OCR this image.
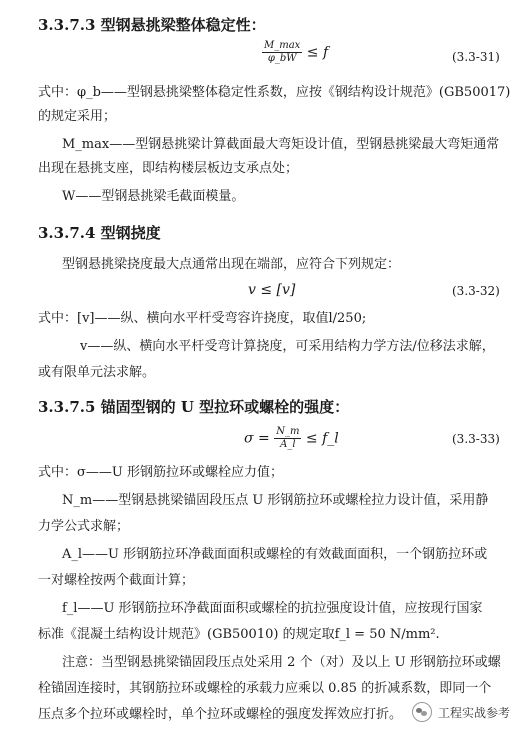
3.3.7.3 型钢悬挑梁整体稳定性：
$\frac{M\_\max}{\varphi\_bW} \le f$	(3.3-31)
式中：φ_b——型钢悬挑梁整体稳定性系数，应按《钢结构设计规范》(GB50017)
的规定采用；
M_max——型钢悬挑梁计算截面最大弯矩设计值，型钢悬挑梁最大弯矩通常
出现在悬挑支座，即结构楼层板边支承点处；
W——型钢悬挑梁毛截面模量。
3.3.7.4 型钢挠度
型钢悬挑梁挠度最大点通常出现在端部，应符合下列规定：
v ≤ [v]	(3.3-32)
式中：[v]——纵、横向水平杆受弯容许挠度，取值l/250;
v——纵、横向水平杆受弯计算挠度，可采用结构力学方法/位移法求解，
或有限单元法求解。
3.3.7.5 锚固型钢的 U 型拉环或螺栓的强度：
$\sigma = \frac{N\_m}{A\_l}$ ≤ f_l	(3.3-33)
式中：σ——U 形钢筋拉环或螺栓应力值；
N_m——型钢悬挑梁锚固段压点 U 形钢筋拉环或螺栓拉力设计值，采用静
力学公式求解；
A_l——U 形钢筋拉环净截面面积或螺栓的有效截面面积，一个钢筋拉环或
一对螺栓按两个截面计算；
f_l——U 形钢筋拉环净截面面积或螺栓的抗拉强度设计值，应按现行国家
标准《混凝土结构设计规范》(GB50010) 的规定取f_l = 50 N/mm².
注意：当型钢悬挑梁锚固段压点处采用 2 个（对）及以上 U 形钢筋拉环或螺
栓锚固连接时，其钢筋拉环或螺栓的承载力应乘以 0.85 的折减系数，即同一个
压点多个拉环或螺栓时，单个拉环或螺栓的强度发挥效应打折。	工程实战参考
